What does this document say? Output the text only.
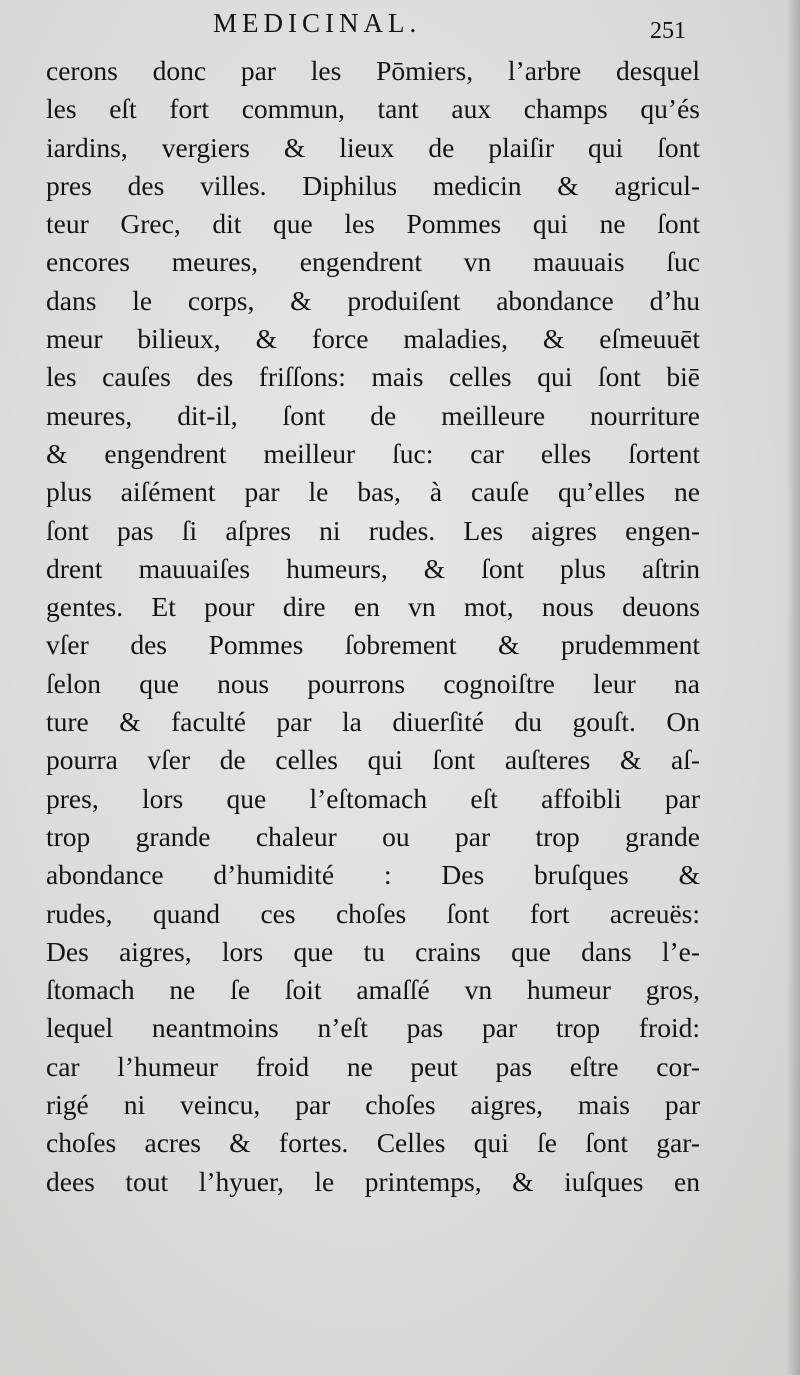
MEDICINAL.	251
cerons donc par les Pōmiers, l’arbre desquel
les eſt fort commun, tant aux champs qu’és
iardins, vergiers & lieux de plaiſir qui ſont
pres des villes. Diphilus medicin & agricul-
teur Grec, dit que les Pommes qui ne ſont
encores meures, engendrent vn mauuais ſuc
dans le corps, & produiſent abondance d’hu
meur bilieux, & force maladies, & eſmeuuēt
les cauſes des friſſons: mais celles qui ſont biē
meures, dit-il, ſont de meilleure nourriture
& engendrent meilleur ſuc: car elles ſortent
plus aiſément par le bas, à cauſe qu’elles ne
ſont pas ſi aſpres ni rudes. Les aigres engen-
drent mauuaiſes humeurs, & ſont plus aſtrin
gentes. Et pour dire en vn mot, nous deuons
vſer des Pommes ſobrement & prudemment
ſelon que nous pourrons cognoiſtre leur na
ture & faculté par la diuerſité du gouſt. On
pourra vſer de celles qui ſont auſteres & aſ-
pres, lors que l’eſtomach eſt affoibli par
trop grande chaleur ou par trop grande
abondance d’humidité : Des bruſques &
rudes, quand ces choſes ſont fort acreuës:
Des aigres, lors que tu crains que dans l’e-
ſtomach ne ſe ſoit amaſſé vn humeur gros,
lequel neantmoins n’eſt pas par trop froid:
car l’humeur froid ne peut pas eſtre cor-
rigé ni veincu, par choſes aigres, mais par
choſes acres & fortes. Celles qui ſe ſont gar-
dees tout l’hyuer, le printemps, & iuſques en
